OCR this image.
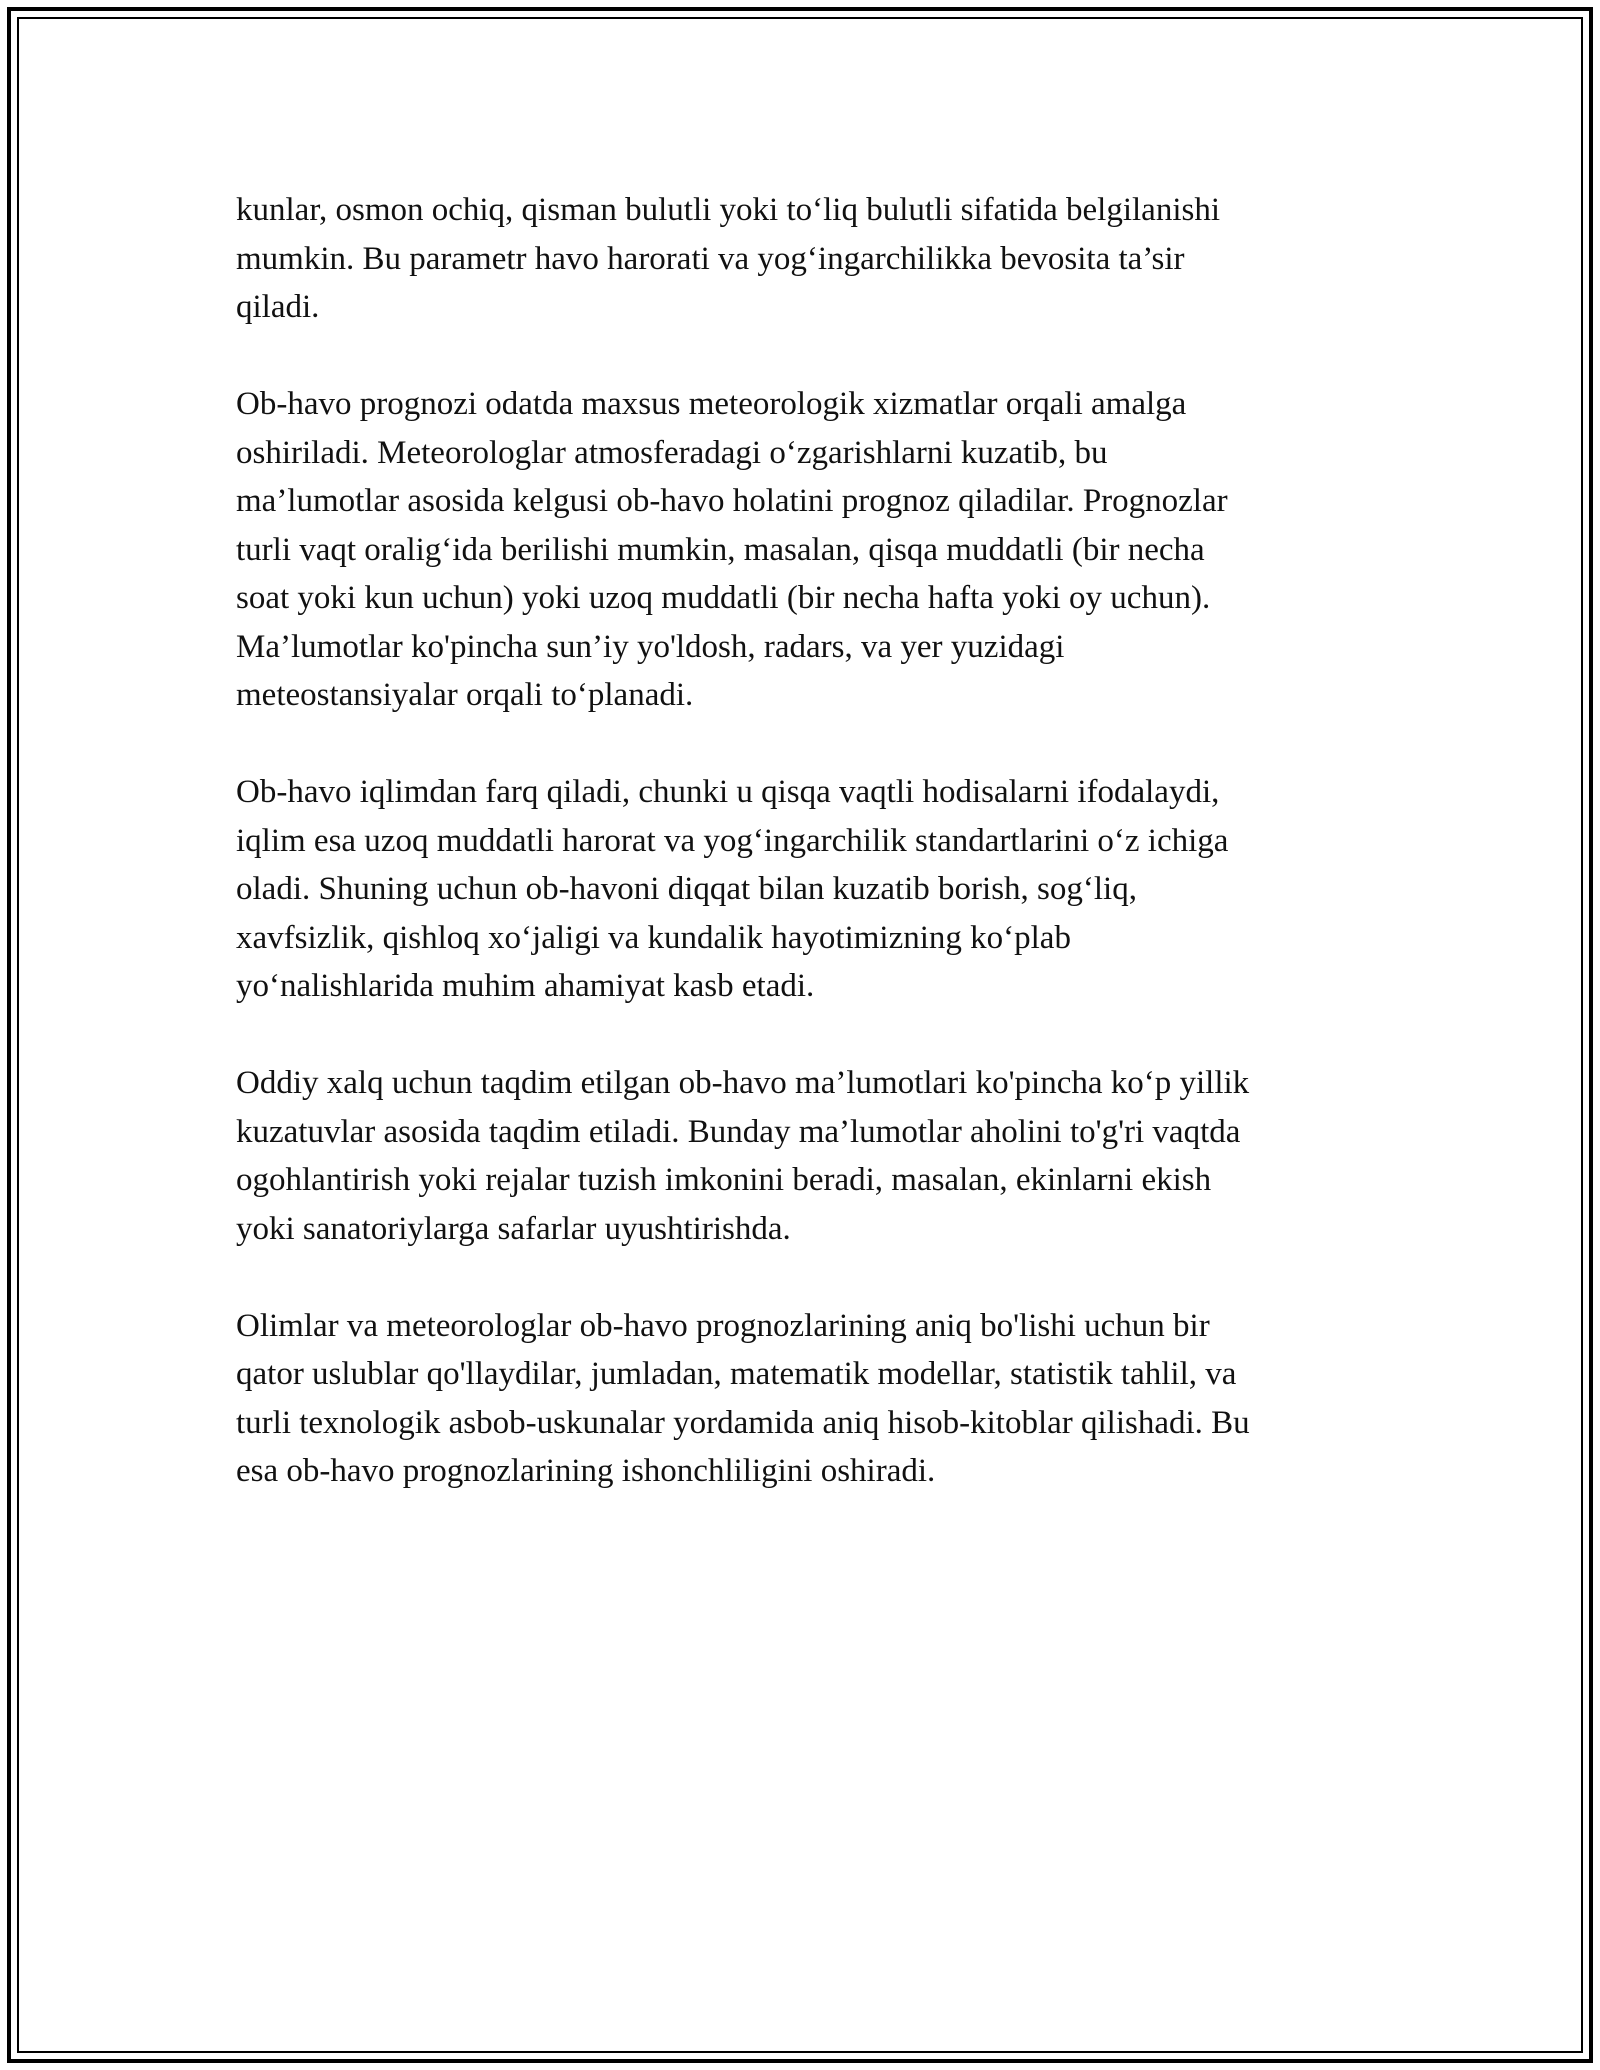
kunlar, osmon ochiq, qisman bulutli yoki to‘liq bulutli sifatida belgilanishi
mumkin. Bu parametr havo harorati va yog‘ingarchilikka bevosita ta’sir
qiladi.

Ob-havo prognozi odatda maxsus meteorologik xizmatlar orqali amalga
oshiriladi. Meteorologlar atmosferadagi o‘zgarishlarni kuzatib, bu
ma’lumotlar asosida kelgusi ob-havo holatini prognoz qiladilar. Prognozlar
turli vaqt oralig‘ida berilishi mumkin, masalan, qisqa muddatli (bir necha
soat yoki kun uchun) yoki uzoq muddatli (bir necha hafta yoki oy uchun).
Ma’lumotlar ko'pincha sun’iy yo'ldosh, radars, va yer yuzidagi
meteostansiyalar orqali to‘planadi.

Ob-havo iqlimdan farq qiladi, chunki u qisqa vaqtli hodisalarni ifodalaydi,
iqlim esa uzoq muddatli harorat va yog‘ingarchilik standartlarini o‘z ichiga
oladi. Shuning uchun ob-havoni diqqat bilan kuzatib borish, sog‘liq,
xavfsizlik, qishloq xo‘jaligi va kundalik hayotimizning ko‘plab
yo‘nalishlarida muhim ahamiyat kasb etadi.

Oddiy xalq uchun taqdim etilgan ob-havo ma’lumotlari ko'pincha ko‘p yillik
kuzatuvlar asosida taqdim etiladi. Bunday ma’lumotlar aholini to'g'ri vaqtda
ogohlantirish yoki rejalar tuzish imkonini beradi, masalan, ekinlarni ekish
yoki sanatoriylarga safarlar uyushtirishda.

Olimlar va meteorologlar ob-havo prognozlarining aniq bo'lishi uchun bir
qator uslublar qo'llaydilar, jumladan, matematik modellar, statistik tahlil, va
turli texnologik asbob-uskunalar yordamida aniq hisob-kitoblar qilishadi. Bu
esa ob-havo prognozlarining ishonchliligini oshiradi.
